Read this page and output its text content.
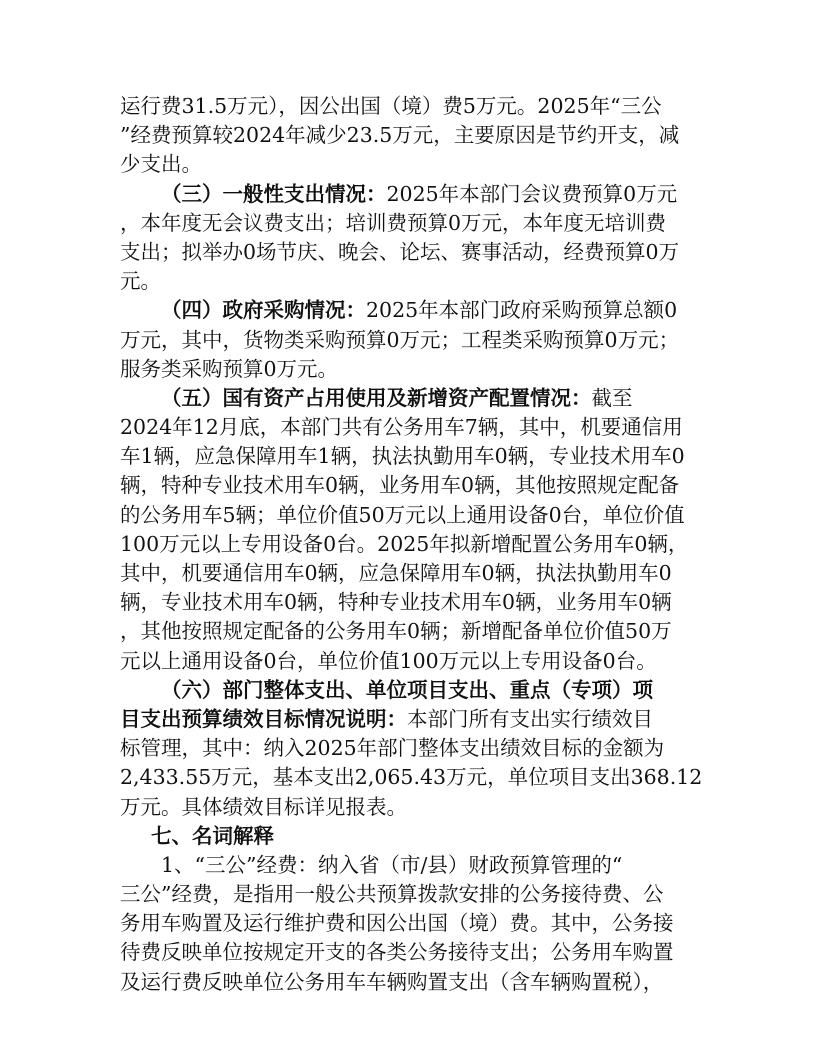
运行费31.5万元），因公出国（境）费5万元。2025年“三公
”经费预算较2024年减少23.5万元，主要原因是节约开支，减
少支出。
（三）一般性支出情况：2025年本部门会议费预算0万元
，本年度无会议费支出；培训费预算0万元，本年度无培训费
支出；拟举办0场节庆、晚会、论坛、赛事活动，经费预算0万
元。
（四）政府采购情况：2025年本部门政府采购预算总额0
万元，其中，货物类采购预算0万元；工程类采购预算0万元；
服务类采购预算0万元。
（五）国有资产占用使用及新增资产配置情况：截至
2024年12月底，本部门共有公务用车7辆，其中，机要通信用
车1辆，应急保障用车1辆，执法执勤用车0辆，专业技术用车0
辆，特种专业技术用车0辆，业务用车0辆，其他按照规定配备
的公务用车5辆；单位价值50万元以上通用设备0台，单位价值
100万元以上专用设备0台。2025年拟新增配置公务用车0辆，
其中，机要通信用车0辆，应急保障用车0辆，执法执勤用车0
辆，专业技术用车0辆，特种专业技术用车0辆，业务用车0辆
，其他按照规定配备的公务用车0辆；新增配备单位价值50万
元以上通用设备0台，单位价值100万元以上专用设备0台。
（六）部门整体支出、单位项目支出、重点（专项）项
目支出预算绩效目标情况说明：本部门所有支出实行绩效目
标管理，其中：纳入2025年部门整体支出绩效目标的金额为
2,433.55万元，基本支出2,065.43万元，单位项目支出368.12
万元。具体绩效目标详见报表。
七、名词解释
1、“三公”经费：纳入省（市/县）财政预算管理的“
三公”经费，是指用一般公共预算拨款安排的公务接待费、公
务用车购置及运行维护费和因公出国（境）费。其中，公务接
待费反映单位按规定开支的各类公务接待支出；公务用车购置
及运行费反映单位公务用车车辆购置支出（含车辆购置税），
